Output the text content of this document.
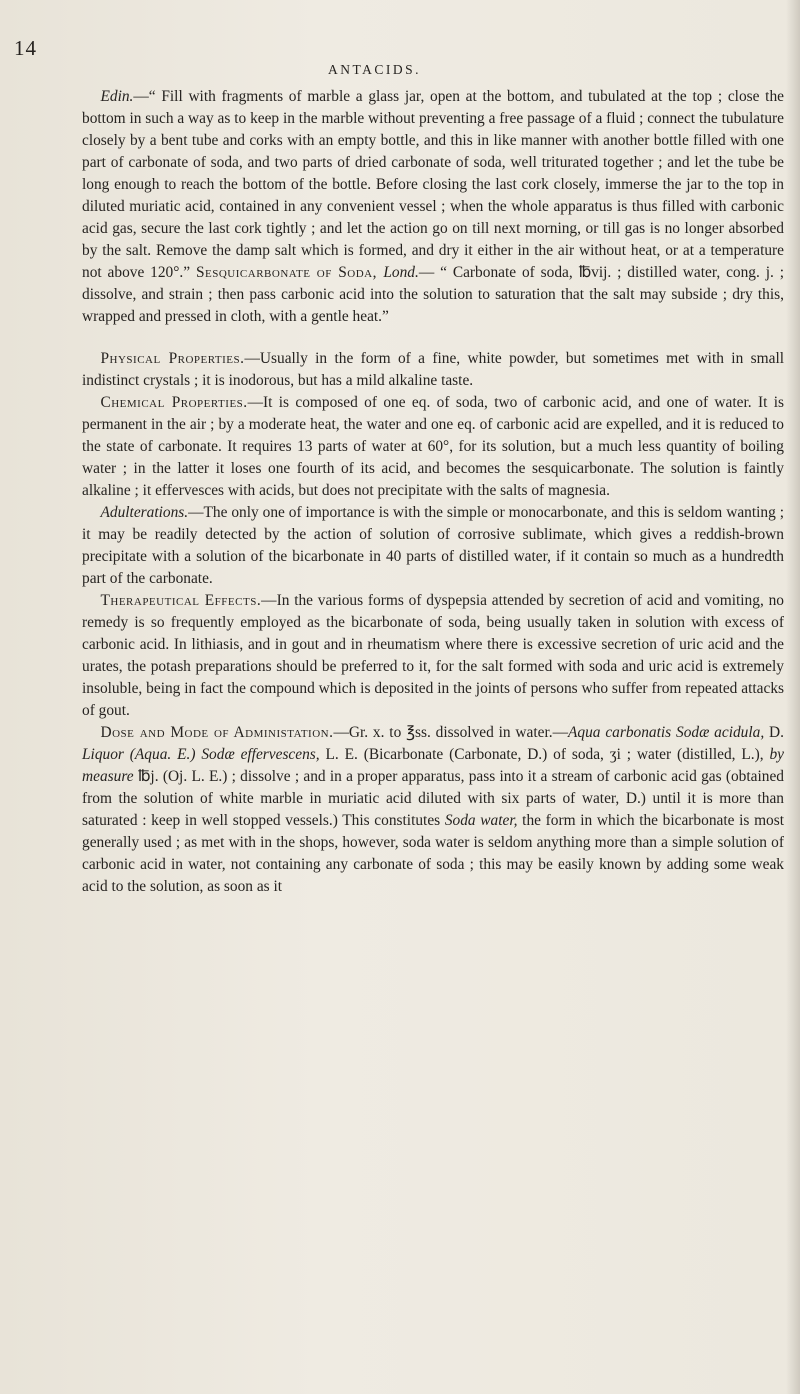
14
ANTACIDS.

Edin.—“ Fill with fragments of marble a glass jar, open at the bottom, and tubulated at the top ; close the bottom in such a way as to keep in the marble without preventing a free passage of a fluid ; connect the tubulature closely by a bent tube and corks with an empty bottle, and this in like manner with another bottle filled with one part of carbonate of soda, and two parts of dried carbonate of soda, well triturated together ; and let the tube be long enough to reach the bottom of the bottle. Before closing the last cork closely, immerse the jar to the top in diluted muriatic acid, contained in any convenient vessel ; when the whole apparatus is thus filled with carbonic acid gas, secure the last cork tightly ; and let the action go on till next morning, or till gas is no longer absorbed by the salt. Remove the damp salt which is formed, and dry it either in the air without heat, or at a temperature not above 120°.” Sesquicarbonate of Soda, Lond.— “ Carbonate of soda, ℔vij. ; distilled water, cong. j. ; dissolve, and strain ; then pass carbonic acid into the solution to saturation that the salt may subside ; dry this, wrapped and pressed in cloth, with a gentle heat.”

Physical Properties.—Usually in the form of a fine, white powder, but sometimes met with in small indistinct crystals ; it is inodorous, but has a mild alkaline taste.

Chemical Properties.—It is composed of one eq. of soda, two of carbonic acid, and one of water. It is permanent in the air ; by a moderate heat, the water and one eq. of carbonic acid are expelled, and it is reduced to the state of carbonate. It requires 13 parts of water at 60°, for its solution, but a much less quantity of boiling water ; in the latter it loses one fourth of its acid, and becomes the sesquicarbonate. The solution is faintly alkaline ; it effervesces with acids, but does not precipitate with the salts of magnesia.

Adulterations.—The only one of importance is with the simple or monocarbonate, and this is seldom wanting ; it may be readily detected by the action of solution of corrosive sublimate, which gives a reddish-brown precipitate with a solution of the bicarbonate in 40 parts of distilled water, if it contain so much as a hundredth part of the carbonate.

Therapeutical Effects.—In the various forms of dyspepsia attended by secretion of acid and vomiting, no remedy is so frequently employed as the bicarbonate of soda, being usually taken in solution with excess of carbonic acid. In lithiasis, and in gout and in rheumatism where there is excessive secretion of uric acid and the urates, the potash preparations should be preferred to it, for the salt formed with soda and uric acid is extremely insoluble, being in fact the compound which is deposited in the joints of persons who suffer from repeated attacks of gout.

Dose and Mode of Administation.—Gr. x. to ℥ss. dissolved in water.—Aqua carbonatis Sodæ acidula, D. Liquor (Aqua. E.) Sodæ effervescens, L. E. (Bicarbonate (Carbonate, D.) of soda, ʒi ; water (distilled, L.), by measure ℔j. (Oj. L. E.) ; dissolve ; and in a proper apparatus, pass into it a stream of carbonic acid gas (obtained from the solution of white marble in muriatic acid diluted with six parts of water, D.) until it is more than saturated : keep in well stopped vessels.) This constitutes Soda water, the form in which the bicarbonate is most generally used ; as met with in the shops, however, soda water is seldom anything more than a simple solution of carbonic acid in water, not containing any carbonate of soda ; this may be easily known by adding some weak acid to the solution, as soon as it
